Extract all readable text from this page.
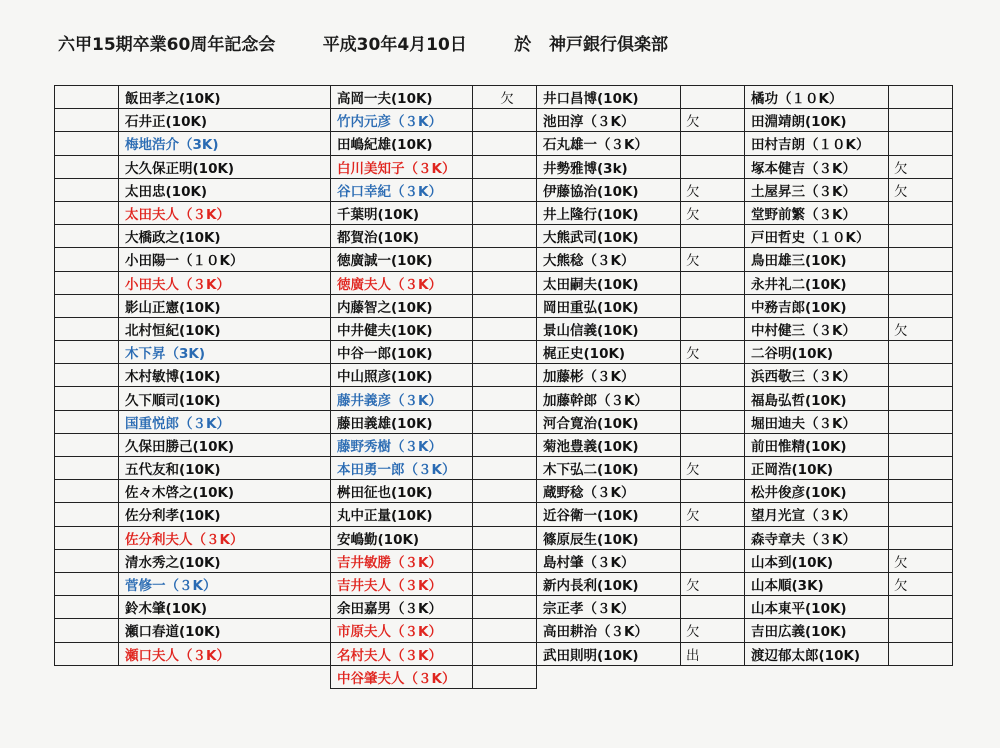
六甲15期卒業60周年記念会	平成30年4月10日	於 神戸銀行倶楽部
	飯田孝之(10K)	高岡一夫(10K)	欠	井口昌博(10K)		橘功（１０K）	
	石井正(10K)	竹内元彦（３K）		池田淳（３K）	欠	田淵靖朗(10K)	
	梅地浩介（3K)	田嶋紀雄(10K)		石丸雄一（３K）		田村吉朗（１０K）	
	大久保正明(10K)	白川美知子（３K）		井勢雅博(3k)		塚本健吉（３K）	欠
	太田忠(10K)	谷口幸紀（３K）		伊藤協治(10K)	欠	土屋昇三（３K）	欠
	太田夫人（３K）	千葉明(10K)		井上隆行(10K)	欠	堂野前繁（３K）	
	大橋政之(10K)	都賀治(10K)		大熊武司(10K)		戸田哲史（１０K）	
	小田陽一（１０K）	徳廣誠一(10K)		大熊稔（３K）	欠	鳥田雄三(10K)	
	小田夫人（３K）	徳廣夫人（３K）		太田嗣夫(10K)		永井礼二(10K)	
	影山正憲(10K)	内藤智之(10K)		岡田重弘(10K)		中務吉郎(10K)	
	北村恒紀(10K)	中井健夫(10K)		景山信義(10K)		中村健三（３K）	欠
	木下昇（3K)	中谷一郎(10K)		梶正史(10K)	欠	二谷明(10K)	
	木村敏博(10K)	中山照彦(10K)		加藤彬（３K）		浜西敬三（３K）	
	久下順司(10K)	藤井義彦（３K）		加藤幹郎（３K）		福島弘哲(10K)	
	国重悦郎（３K）	藤田義雄(10K)		河合寛治(10K)		堀田迪夫（３K）	
	久保田勝己(10K)	藤野秀樹（３K）		菊池豊義(10K)		前田惟精(10K)	
	五代友和(10K)	本田勇一郎（３K）		木下弘二(10K)	欠	正岡浩(10K)	
	佐々木啓之(10K)	桝田征也(10K)		蔵野稔（３K）		松井俊彦(10K)	
	佐分利孝(10K)	丸中正量(10K)		近谷衛一(10K)	欠	望月光宣（３K）	
	佐分利夫人（３K）	安嶋勤(10K)		篠原辰生(10K)		森寺章夫（３K）	
	清水秀之(10K)	吉井敏勝（３K）		島村肇（３K）		山本到(10K)	欠
	菅修一（３K）	吉井夫人（３K）		新内長利(10K)	欠	山本順(3K)	欠
	鈴木肇(10K)	余田嘉男（３K）		宗正孝（３K）		山本東平(10K)	
	瀬口春道(10K)	市原夫人（３K）		高田耕治（３K）	欠	吉田広義(10K)	
	瀬口夫人（３K）	名村夫人（３K）		武田則明(10K)	出	渡辺郁太郎(10K)	
		中谷肇夫人（３K）					
